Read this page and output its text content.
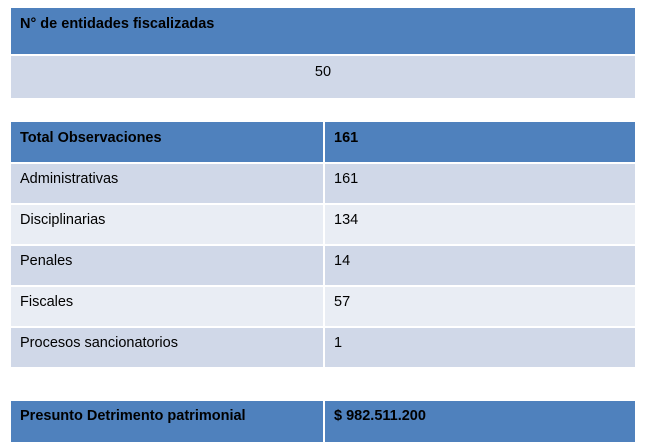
N° de entidades fiscalizadas
50
Total Observaciones	161
Administrativas	161
Disciplinarias	134
Penales	14
Fiscales	57
Procesos sancionatorios	1
Presunto Detrimento patrimonial	$ 982.511.200
